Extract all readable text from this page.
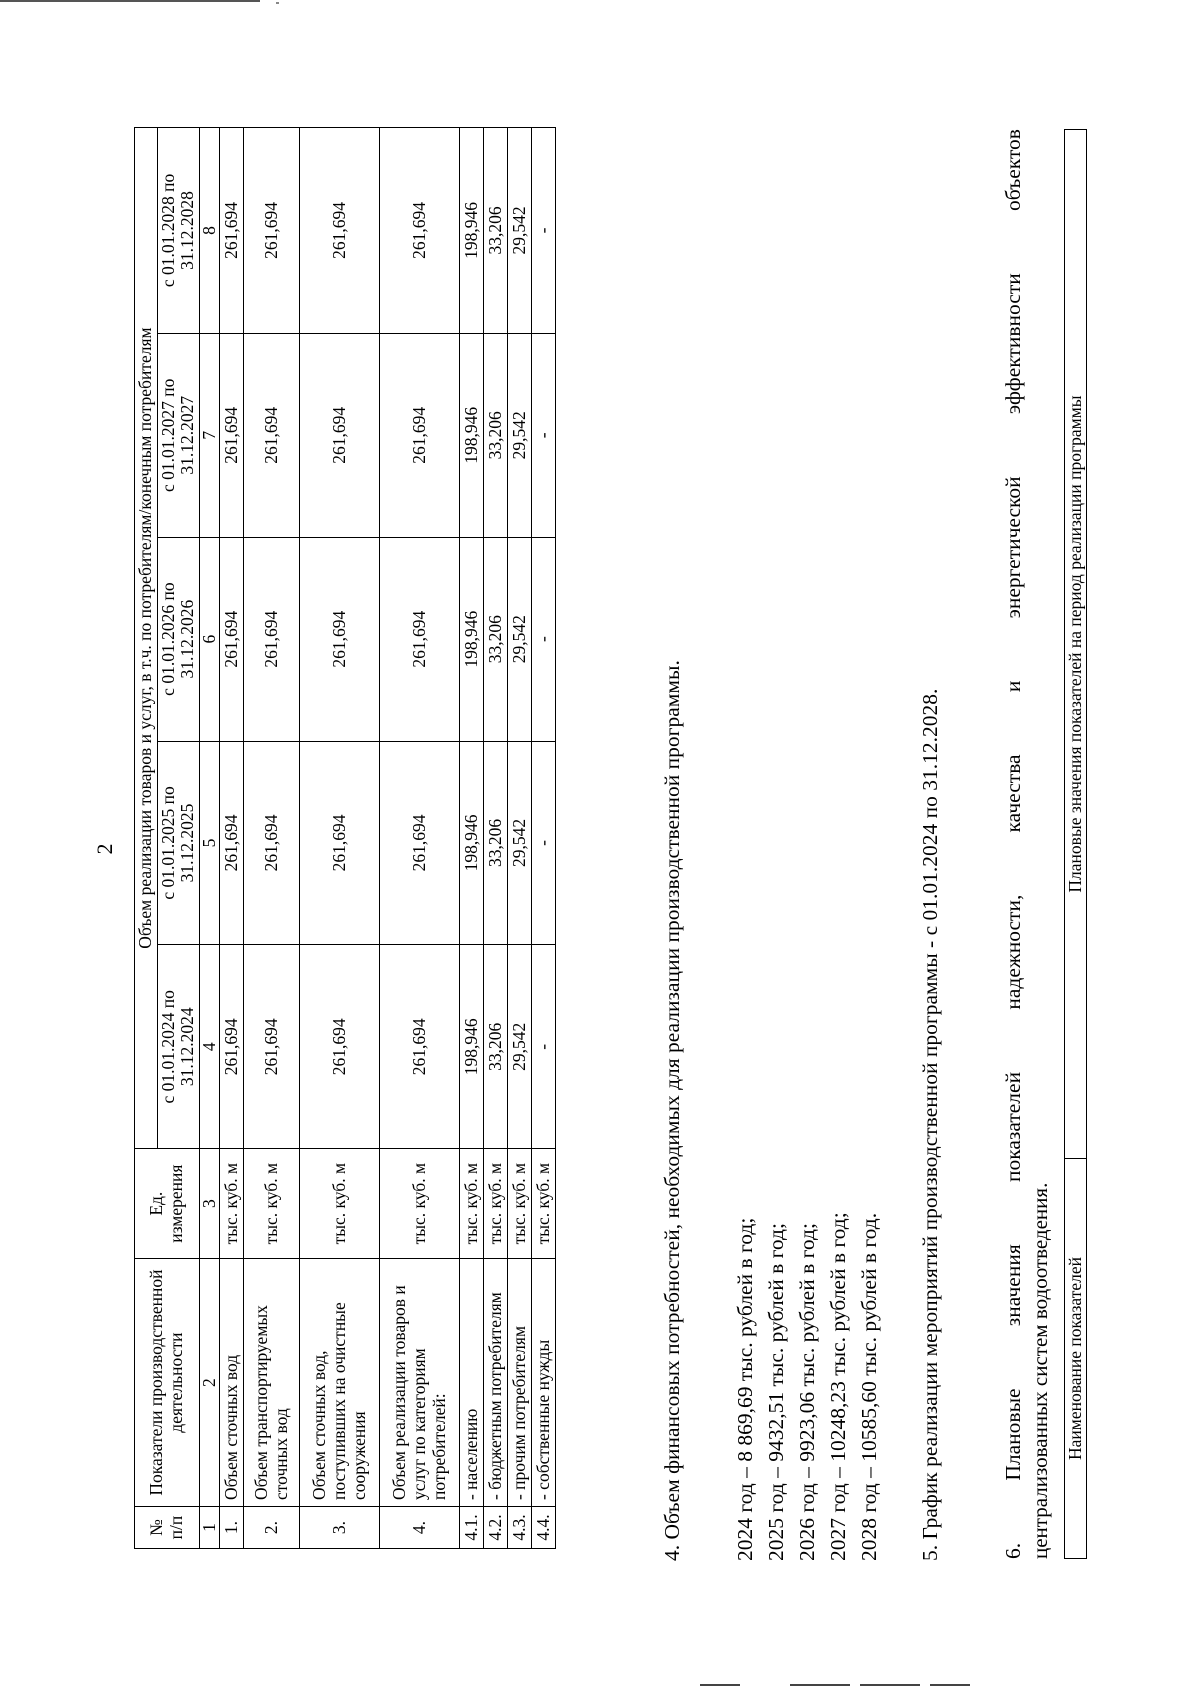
2
№ п/п	Показатели производственной деятельности	Ед. измерения	Объем реализации товаров и услуг, в т.ч. по потребителям/конечным потребителям				
			с 01.01.2024 по 31.12.2024	с 01.01.2025 по 31.12.2025	с 01.01.2026 по 31.12.2026	с 01.01.2027 по 31.12.2027	с 01.01.2028 по 31.12.2028
1	2	3	4	5	6	7	8
1.	Объем сточных вод	тыс. куб. м	261,694	261,694	261,694	261,694	261,694
2.	Объем транспортируемых сточных вод	тыс. куб. м	261,694	261,694	261,694	261,694	261,694
3.	Объем сточных вод, поступивших на очистные сооружения	тыс. куб. м	261,694	261,694	261,694	261,694	261,694
4.	Объем реализации товаров и услуг по категориям потребителей:	тыс. куб. м	261,694	261,694	261,694	261,694	261,694
4.1.	- населению	тыс. куб. м	198,946	198,946	198,946	198,946	198,946
4.2.	- бюджетным потребителям	тыс. куб. м	33,206	33,206	33,206	33,206	33,206
4.3.	- прочим потребителям	тыс. куб. м	29,542	29,542	29,542	29,542	29,542
4.4.	- собственные нужды	тыс. куб. м	-	-	-	-	-
4. Объем финансовых потребностей, необходимых для реализации производственной программы. 2024 год – 8 869,69 тыс. рублей в год; 2025 год – 9432,51 тыс. рублей в год; 2026 год – 9923,06 тыс. рублей в год; 2027 год – 10248,23 тыс. рублей в год; 2028 год – 10585,60 тыс. рублей в год. 5. График реализации мероприятий производственной программы - с 01.01.2024 по 31.12.2028.	6.
Плановые
значения
показателей
надежности,
качества
и
энергетической
эффективности
объектов
централизованных систем водоотведения. Наименование показателей	Плановые значения показателей на период реализации программы
